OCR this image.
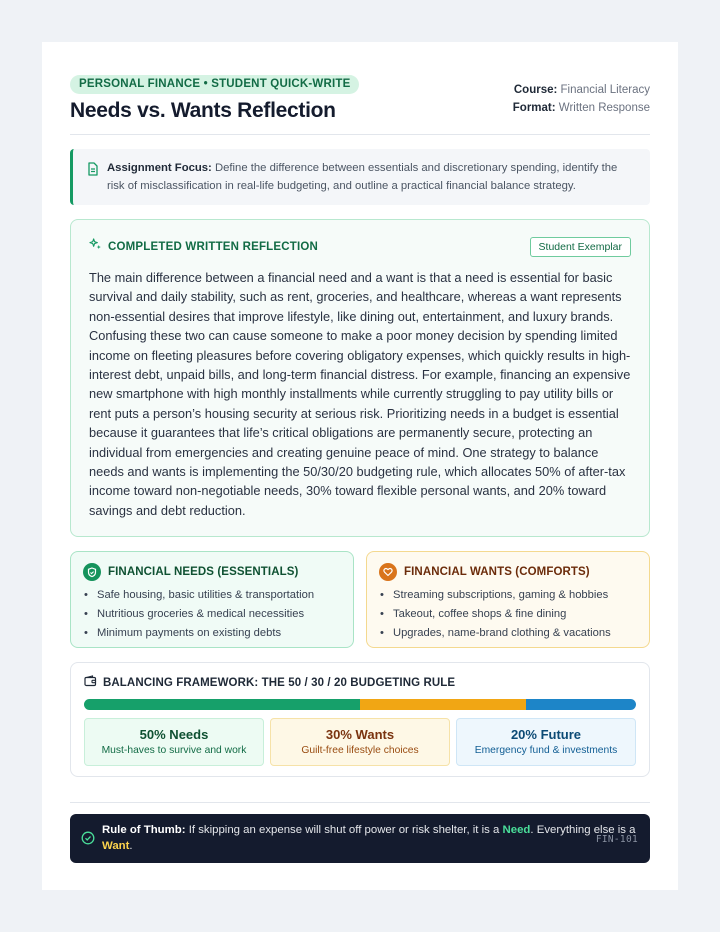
PERSONAL FINANCE • STUDENT QUICK-WRITE
Needs vs. Wants Reflection
Course: Financial Literacy
Format: Written Response
Assignment Focus: Define the difference between essentials and discretionary spending, identify the risk of misclassification in real-life budgeting, and outline a practical financial balance strategy.
COMPLETED WRITTEN REFLECTION	Student Exemplar

The main difference between a financial need and a want is that a need is essential for basic survival and daily stability, such as rent, groceries, and healthcare, whereas a want represents non-essential desires that improve lifestyle, like dining out, entertainment, and luxury brands. Confusing these two can cause someone to make a poor money decision by spending limited income on fleeting pleasures before covering obligatory expenses, which quickly results in high-interest debt, unpaid bills, and long-term financial distress. For example, financing an expensive new smartphone with high monthly installments while currently struggling to pay utility bills or rent puts a person’s housing security at serious risk. Prioritizing needs in a budget is essential because it guarantees that life’s critical obligations are permanently secure, protecting an individual from emergencies and creating genuine peace of mind. One strategy to balance needs and wants is implementing the 50/30/20 budgeting rule, which allocates 50% of after-tax income toward non-negotiable needs, 30% toward flexible personal wants, and 20% toward savings and debt reduction.

FINANCIAL NEEDS (ESSENTIALS)
• Safe housing, basic utilities & transportation
• Nutritious groceries & medical necessities
• Minimum payments on existing debts
FINANCIAL WANTS (COMFORTS)
• Streaming subscriptions, gaming & hobbies
• Takeout, coffee shops & fine dining
• Upgrades, name-brand clothing & vacations
BALANCING FRAMEWORK: THE 50 / 30 / 20 BUDGETING RULE
50% Needs
Must-haves to survive and work
30% Wants
Guilt-free lifestyle choices
20% Future
Emergency fund & investments
Rule of Thumb: If skipping an expense will shut off power or risk shelter, it is a Need. Everything else is a Want.	FIN-101
